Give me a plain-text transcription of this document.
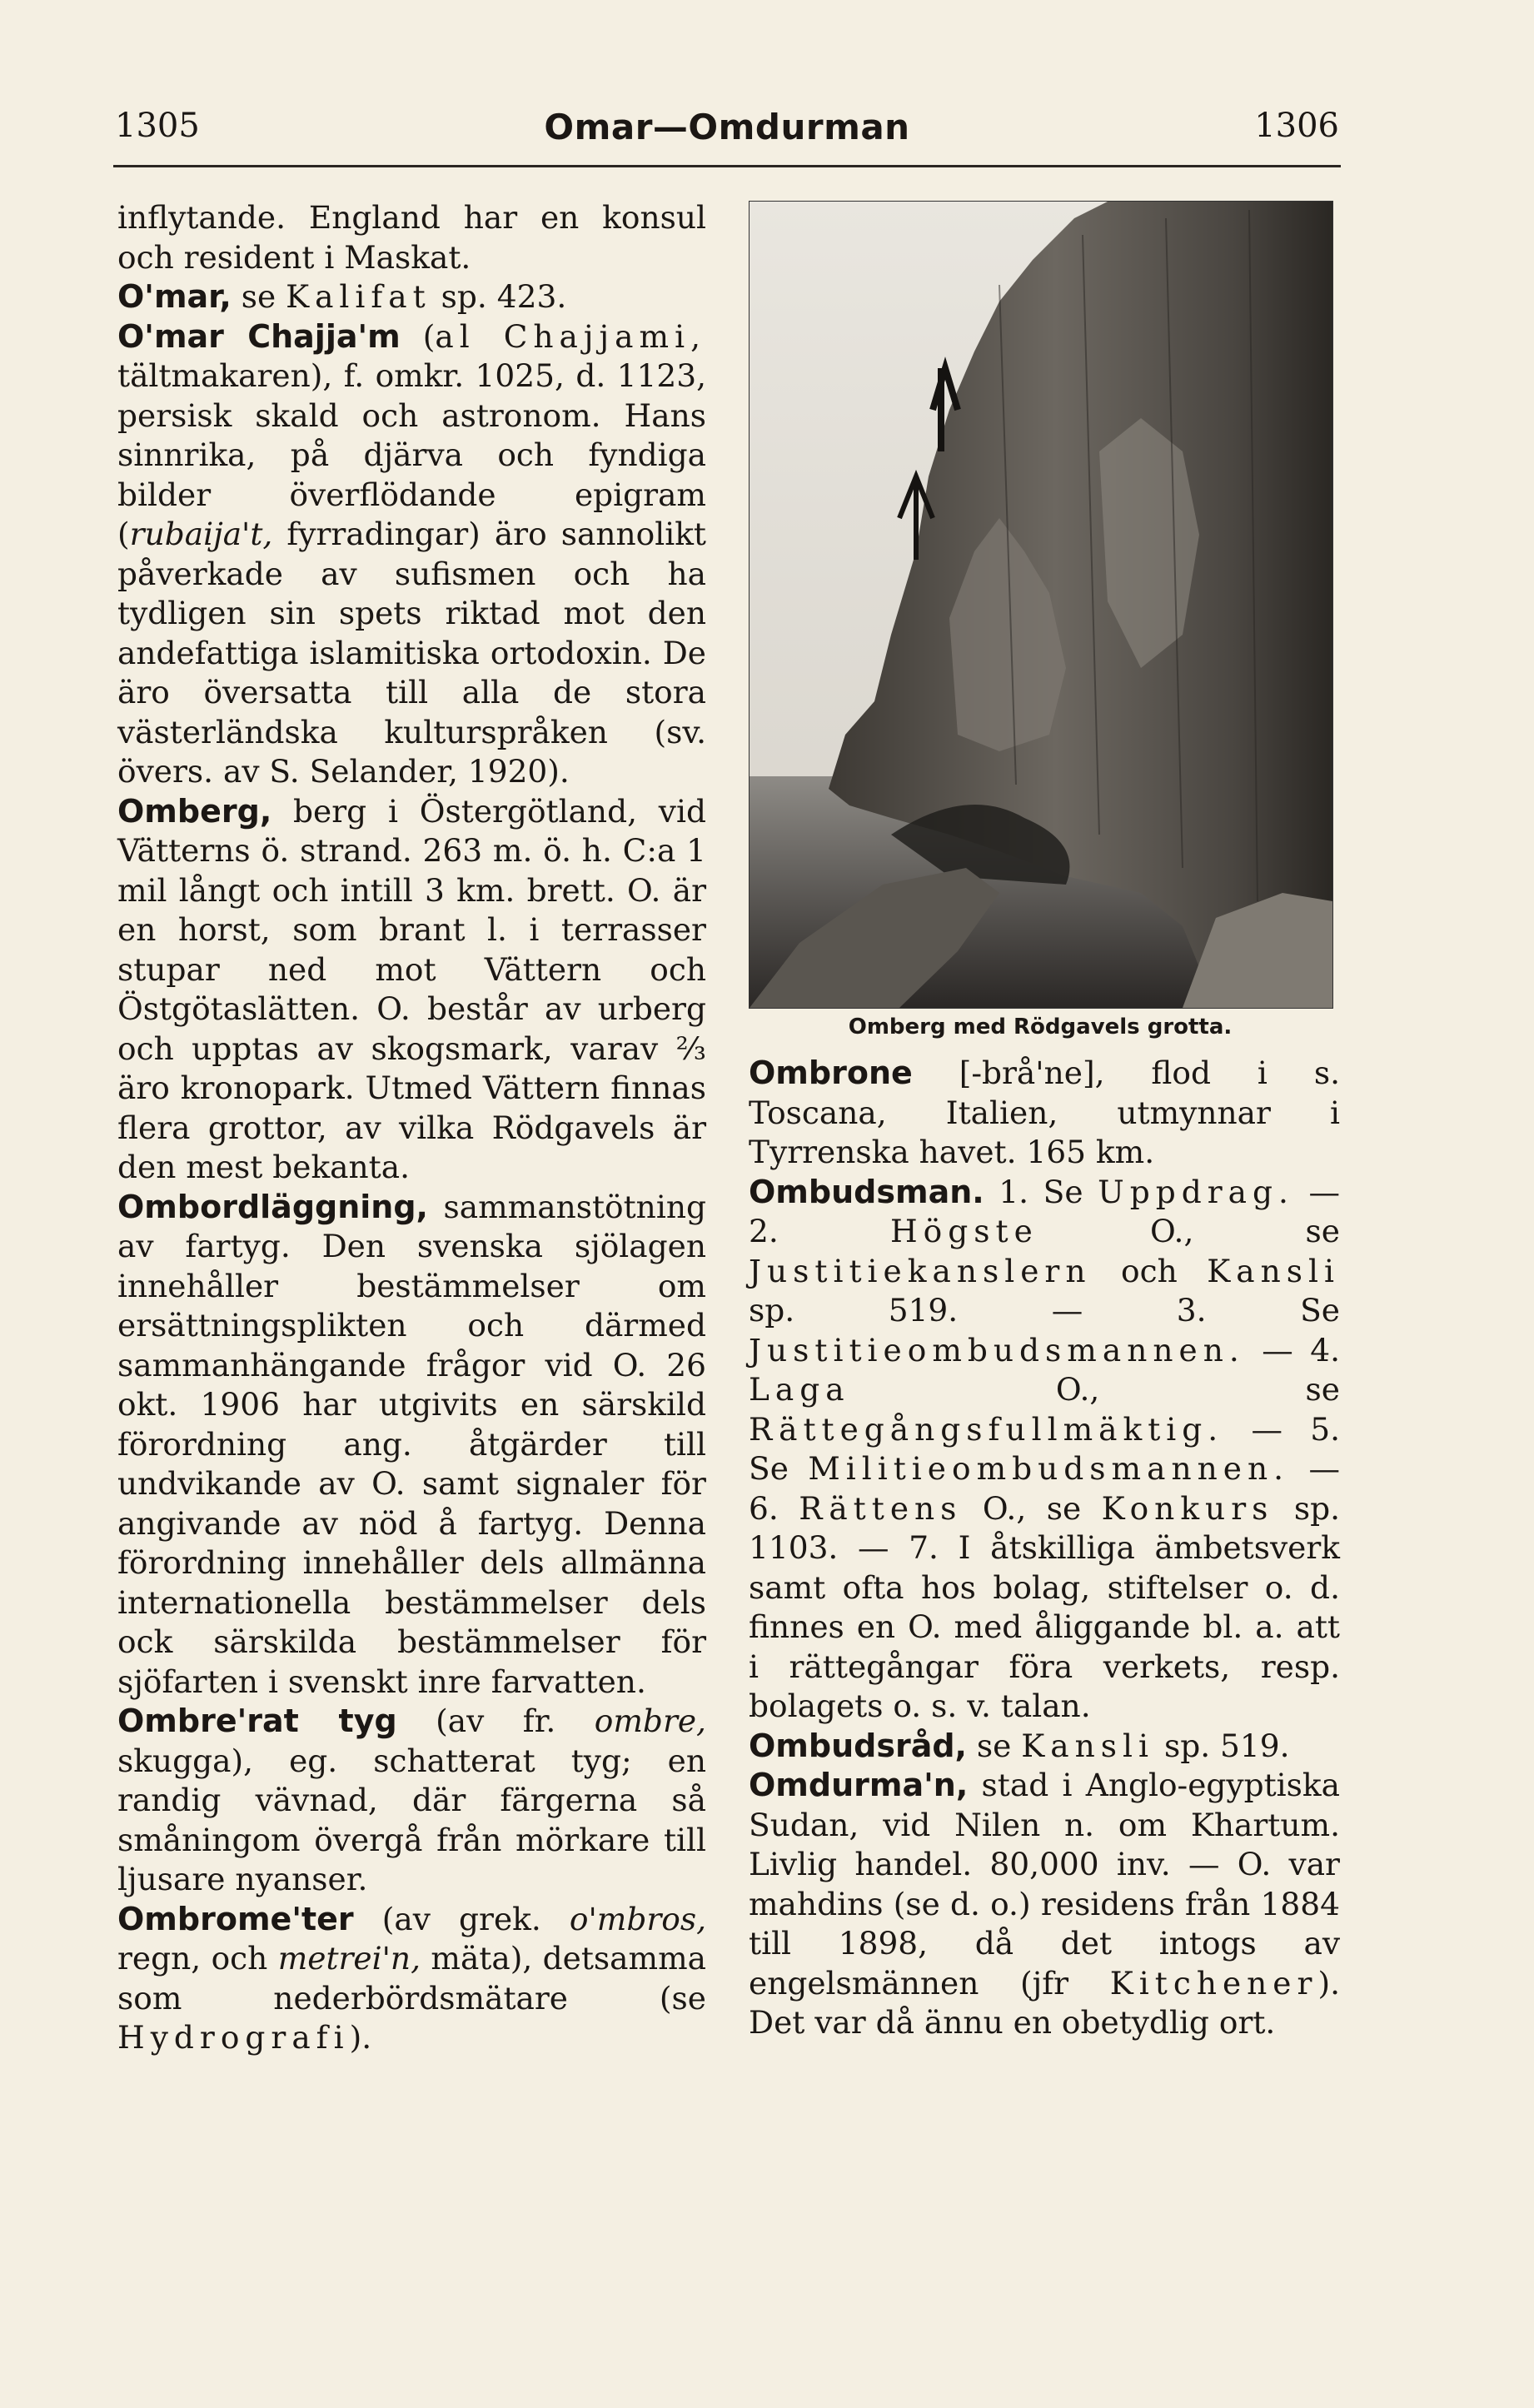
1305	Omar—Omdurman	1306

inflytande. England har en konsul och resident i Maskat.

O'mar, se Kalifat sp. 423.

O'mar Chajja'm (al Chajjami, tältmakaren), f. omkr. 1025, d. 1123, persisk skald och astronom. Hans sinnrika, på djärva och fyndiga bilder överflödande epigram (rubaija't, fyrradingar) äro sannolikt påverkade av sufismen och ha tydligen sin spets riktad mot den andefattiga islamitiska ortodoxin. De äro översatta till alla de stora västerländska kulturspråken (sv. övers. av S. Selander, 1920).

Omberg, berg i Östergötland, vid Vätterns ö. strand. 263 m. ö. h. C:a 1 mil långt och intill 3 km. brett. O. är en horst, som brant l. i terrasser stupar ned mot Vättern och Östgötaslätten. O. består av urberg och upptas av skogsmark, varav ⅔ äro kronopark. Utmed Vättern finnas flera grottor, av vilka Rödgavels är den mest bekanta.

Ombordläggning, sammanstötning av fartyg. Den svenska sjölagen innehåller bestämmelser om ersättningsplikten och därmed sammanhängande frågor vid O. 26 okt. 1906 har utgivits en särskild förordning ang. åtgärder till undvikande av O. samt signaler för angivande av nöd å fartyg. Denna förordning innehåller dels allmänna internationella bestämmelser dels ock särskilda bestämmelser för sjöfarten i svenskt inre farvatten.

Ombre'rat tyg (av fr. ombre, skugga), eg. schatterat tyg; en randig vävnad, där färgerna så småningom övergå från mörkare till ljusare nyanser.

Ombrome'ter (av grek. o'mbros, regn, och metrei'n, mäta), detsamma som nederbördsmätare (se Hydrografi).

Omberg med Rödgavels grotta.

Ombrone [-brå'ne], flod i s. Toscana, Italien, utmynnar i Tyrrenska havet. 165 km.

Ombudsman. 1. Se Uppdrag. — 2. Högste O., se Justitiekanslern och Kansli sp. 519. — 3. Se Justitieombudsmannen. — 4. Laga O., se Rättegångsfullmäktig. — 5. Se Militieombudsmannen. — 6. Rättens O., se Konkurs sp. 1103. — 7. I åtskilliga ämbetsverk samt ofta hos bolag, stiftelser o. d. finnes en O. med åliggande bl. a. att i rättegångar föra verkets, resp. bolagets o. s. v. talan.

Ombudsråd, se Kansli sp. 519.

Omdurma'n, stad i Anglo-egyptiska Sudan, vid Nilen n. om Khartum. Livlig handel. 80,000 inv. — O. var mahdins (se d. o.) residens från 1884 till 1898, då det intogs av engelsmännen (jfr Kitchener). Det var då ännu en obetydlig ort.
